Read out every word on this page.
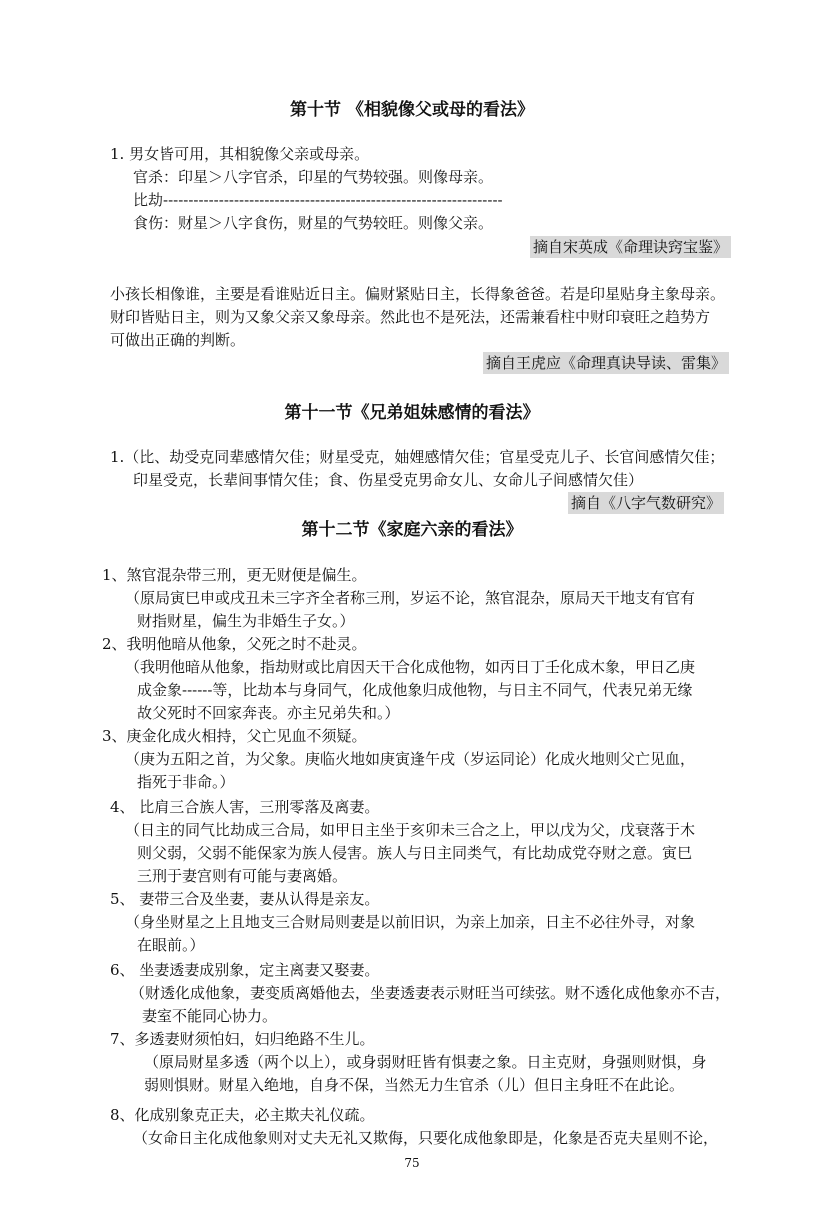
第十节 《相貌像父或母的看法》
1. 男女皆可用，其相貌像父亲或母亲。
官杀：印星＞八字官杀，印星的气势较强。则像母亲。
比劫-------------------------------------------------------------------
食伤：财星＞八字食伤，财星的气势较旺。则像父亲。
摘自宋英成《命理诀窍宝鉴》
小孩长相像谁，主要是看谁贴近日主。偏财紧贴日主，长得象爸爸。若是印星贴身主象母亲。
财印皆贴日主，则为又象父亲又象母亲。然此也不是死法，还需兼看柱中财印衰旺之趋势方
可做出正确的判断。
摘自王虎应《命理真诀导读、雷集》
第十一节《兄弟姐妹感情的看法》
1.（比、劫受克同辈感情欠佳；财星受克，妯娌感情欠佳；官星受克儿子、长官间感情欠佳；
印星受克，长辈间事情欠佳；食、伤星受克男命女儿、女命儿子间感情欠佳）
摘自《八字气数研究》
第十二节《家庭六亲的看法》
1、煞官混杂带三刑，更无财便是偏生。
（原局寅巳申或戌丑未三字齐全者称三刑，岁运不论，煞官混杂，原局天干地支有官有
财指财星，偏生为非婚生子女。）
2、我明他暗从他象，父死之时不赴灵。
（我明他暗从他象，指劫财或比肩因天干合化成他物，如丙日丁壬化成木象，甲日乙庚
成金象------等，比劫本与身同气，化成他象归成他物，与日主不同气，代表兄弟无缘
故父死时不回家奔丧。亦主兄弟失和。）
3、庚金化成火相持，父亡见血不须疑。
（庚为五阳之首，为父象。庚临火地如庚寅逢午戌（岁运同论）化成火地则父亡见血，
指死于非命。）
4、 比肩三合族人害，三刑零落及离妻。
（日主的同气比劫成三合局，如甲日主坐于亥卯未三合之上，甲以戊为父，戊衰落于木
则父弱，父弱不能保家为族人侵害。族人与日主同类气，有比劫成党夺财之意。寅巳
三刑于妻宫则有可能与妻离婚。
5、 妻带三合及坐妻，妻从认得是亲友。
（身坐财星之上且地支三合财局则妻是以前旧识，为亲上加亲，日主不必往外寻，对象
在眼前。）
6、 坐妻透妻成别象，定主离妻又娶妻。
（财透化成他象，妻变质离婚他去，坐妻透妻表示财旺当可续弦。财不透化成他象亦不吉，
妻室不能同心协力。
7、多透妻财须怕妇，妇归绝路不生儿。
（原局财星多透（两个以上），或身弱财旺皆有惧妻之象。日主克财，身强则财惧，身
弱则惧财。财星入绝地，自身不保，当然无力生官杀（儿）但日主身旺不在此论。
8、化成别象克正夫，必主欺夫礼仪疏。
（女命日主化成他象则对丈夫无礼又欺侮，只要化成他象即是，化象是否克夫星则不论，
75
